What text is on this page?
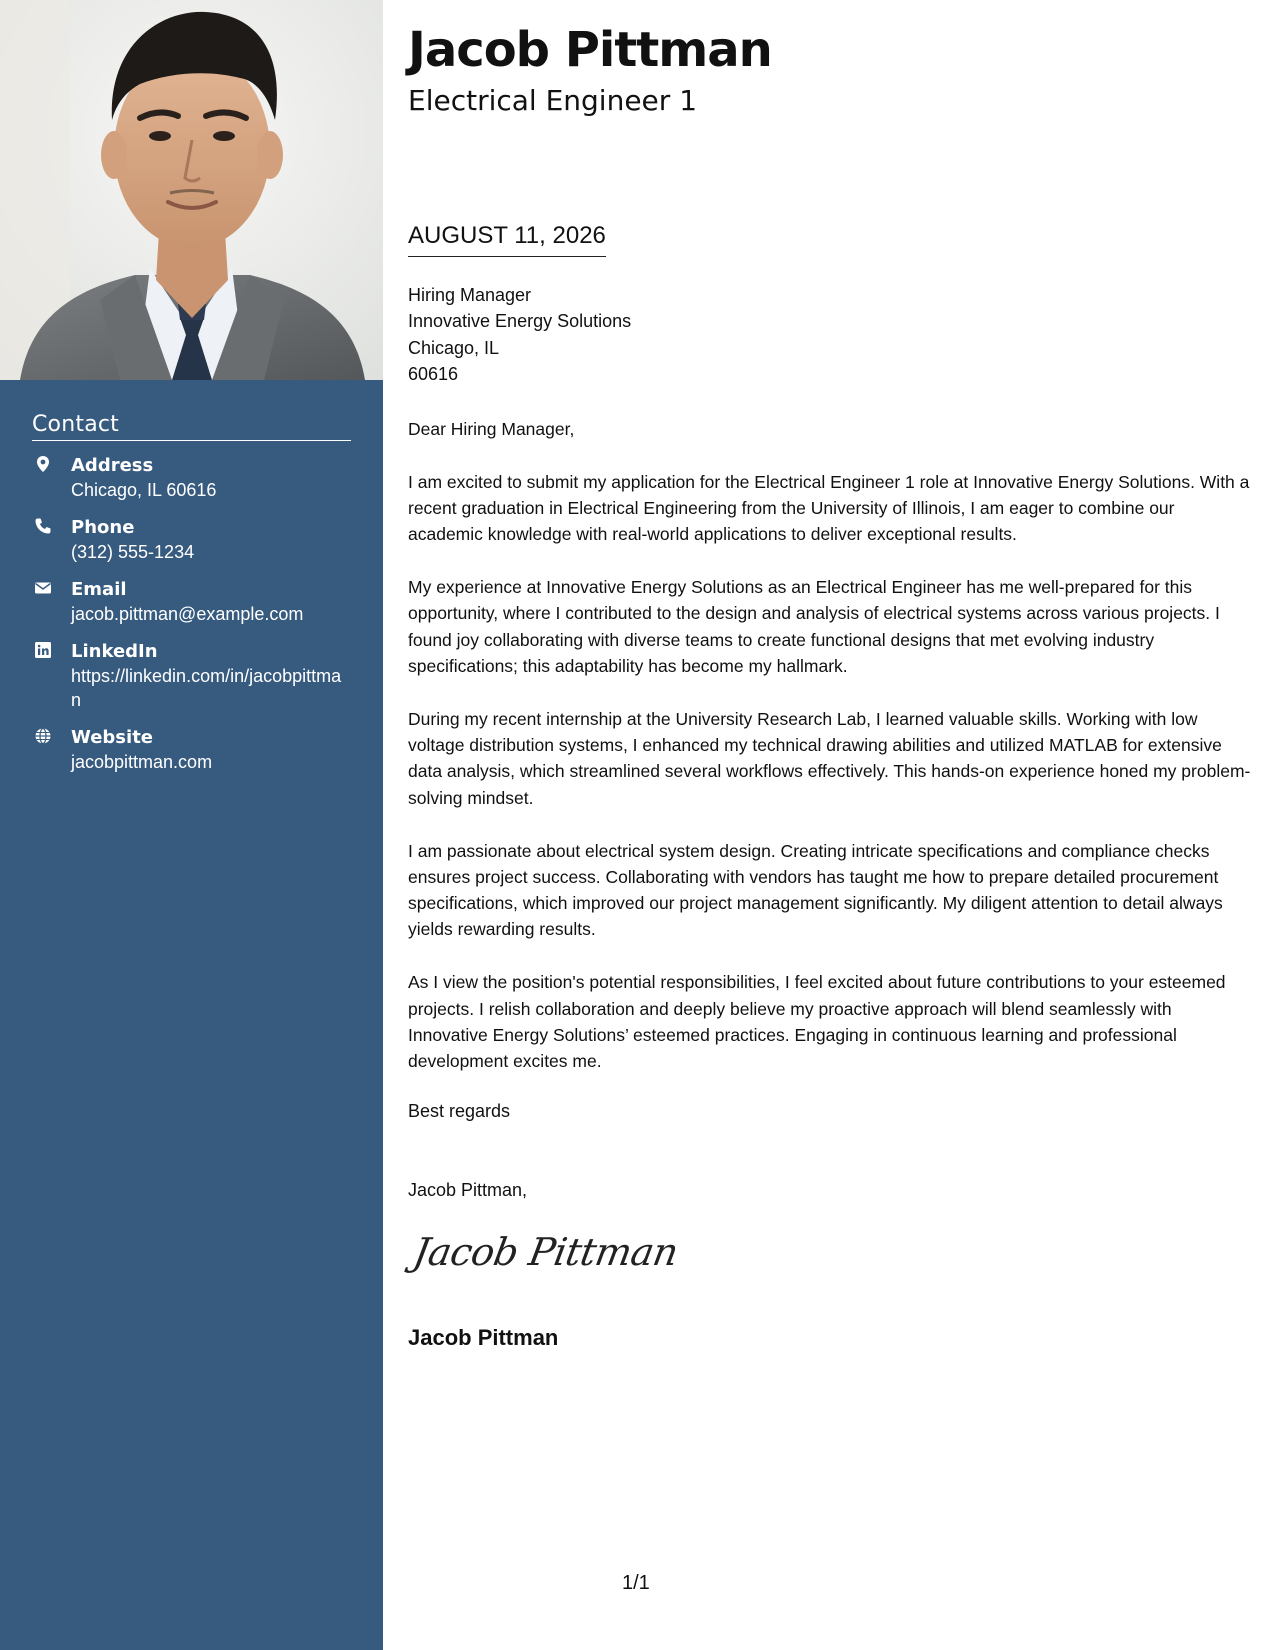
Contact
Address
Chicago, IL 60616
Phone
(312) 555-1234
Email
jacob.pittman@example.com
LinkedIn
https://linkedin.com/in/jacobpittman
Website
jacobpittman.com
Jacob Pittman
Electrical Engineer 1
AUGUST 11, 2026
Hiring Manager
Innovative Energy Solutions
Chicago, IL
60616

Dear Hiring Manager,

I am excited to submit my application for the Electrical Engineer 1 role at Innovative Energy Solutions. With a recent graduation in Electrical Engineering from the University of Illinois, I am eager to combine our academic knowledge with real-world applications to deliver exceptional results.

My experience at Innovative Energy Solutions as an Electrical Engineer has me well-prepared for this opportunity, where I contributed to the design and analysis of electrical systems across various projects. I found joy collaborating with diverse teams to create functional designs that met evolving industry specifications; this adaptability has become my hallmark.

During my recent internship at the University Research Lab, I learned valuable skills. Working with low voltage distribution systems, I enhanced my technical drawing abilities and utilized MATLAB for extensive data analysis, which streamlined several workflows effectively. This hands-on experience honed my problem-solving mindset.

I am passionate about electrical system design. Creating intricate specifications and compliance checks ensures project success. Collaborating with vendors has taught me how to prepare detailed procurement specifications, which improved our project management significantly. My diligent attention to detail always yields rewarding results.

As I view the position's potential responsibilities, I feel excited about future contributions to your esteemed projects. I relish collaboration and deeply believe my proactive approach will blend seamlessly with Innovative Energy Solutions’ esteemed practices. Engaging in continuous learning and professional development excites me.

Best regards
Jacob Pittman,
Jacob Pittman
Jacob Pittman
1/1
